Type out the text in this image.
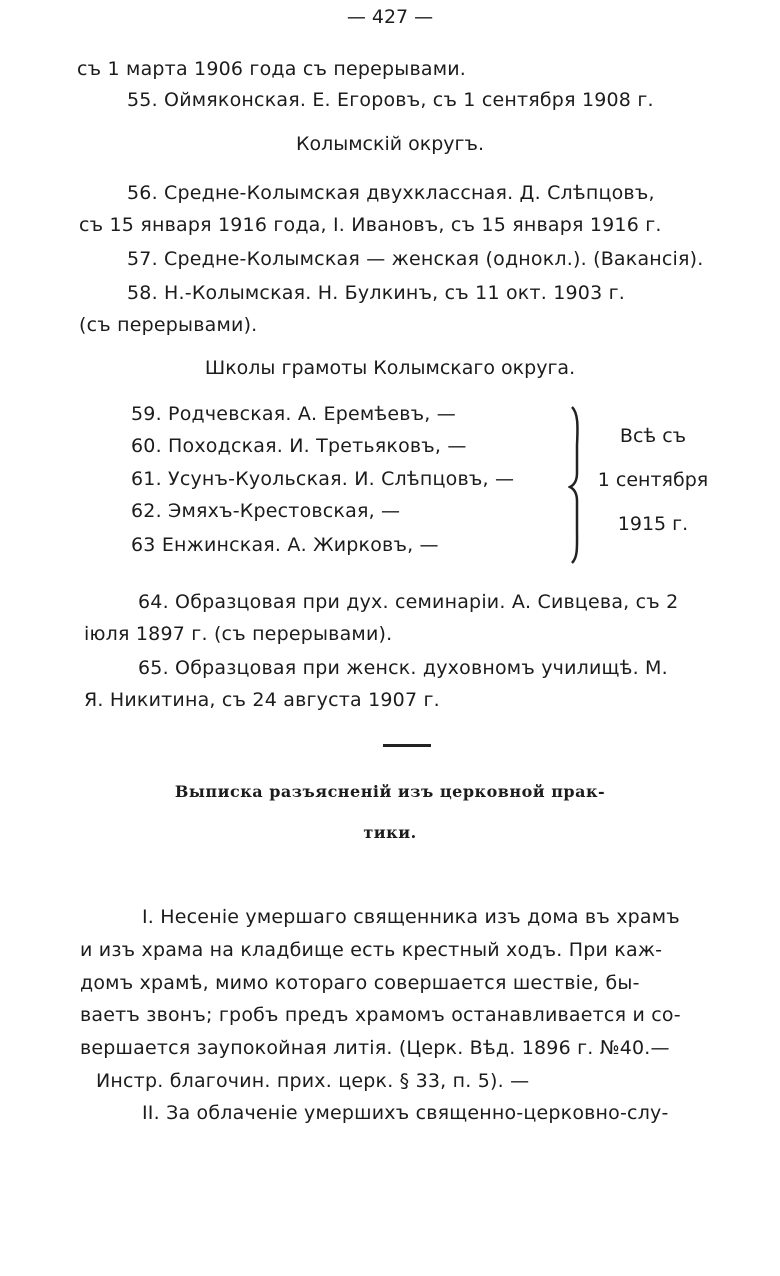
— 427 —
съ 1 марта 1906 года съ перерывами.
55. Оймяконская. Е. Егоровъ, съ 1 сентября 1908 г.
Колымскій округъ.
56. Средне-Колымская двухклассная. Д. Слѣпцовъ,
съ 15 января 1916 года, I. Ивановъ, съ 15 января 1916 г.
57. Средне-Колымская — женская (однокл.). (Вакансія).
58. Н.-Колымская. Н. Булкинъ, съ 11 окт. 1903 г.
(съ перерывами).
Школы грамоты Колымскаго округа.
59. Родчевская. А. Еремѣевъ, —
60. Походская. И. Третьяковъ, —
61. Усунъ-Куольская. И. Слѣпцовъ, —
62. Эмяхъ-Крестовская, —
63 Енжинская. А. Жирковъ, —
Всѣ съ
1 сентября
1915 г.
64. Образцовая при дух. семинаріи. А. Сивцева, съ 2
іюля 1897 г. (съ перерывами).
65. Образцовая при женск. духовномъ училищѣ. М.
Я. Никитина, съ 24 августа 1907 г.
Выписка разъясненій изъ церковной прак-
тики.
I. Несеніе умершаго священника изъ дома въ храмъ
и изъ храма на кладбище есть крестный ходъ. При каж-
домъ храмѣ, мимо котораго совершается шествіе, бы-
ваетъ звонъ; гробъ предъ храмомъ останавливается и со-
вершается заупокойная литія. (Церк. Вѣд. 1896 г. №40.—
Инстр. благочин. прих. церк. § 33, п. 5). —
II. За облаченіе умершихъ священно-церковно-слу-
